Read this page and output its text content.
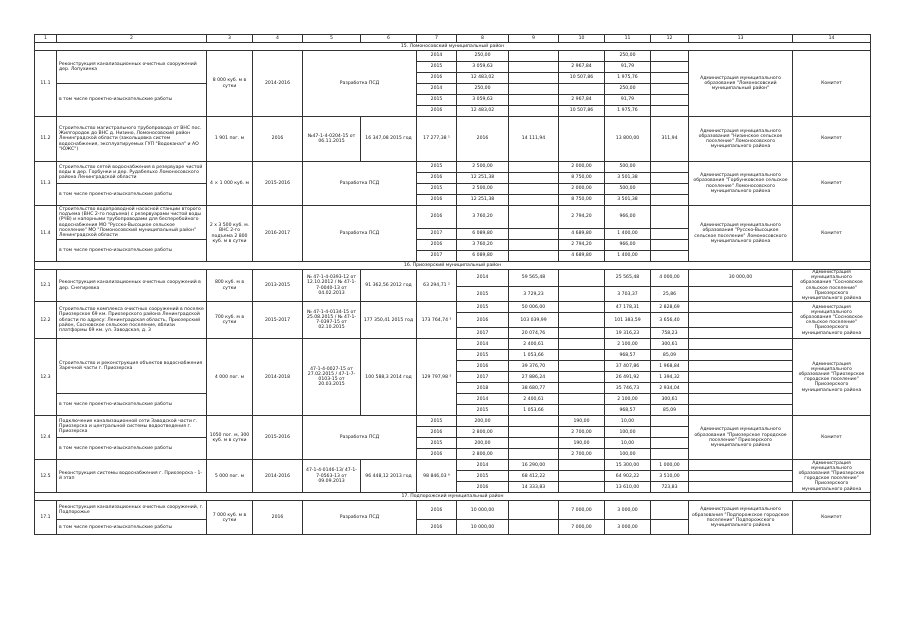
1	2	3	4	5	6	7	8	9	10	11	12	13	14	
15. Ломоносовский муниципальный район														
11.1	Реконструкция канализационных очистных сооружений дер. Лопухинка	8 000 куб. м в сутки	2014-2016	Разработка ПСД		2014	250,00			250,00		Администрация муниципального образования "Ломоносовский муниципальный район"	Комитет	
						2015	3 059,63		2 967,84	91,79				
						2016	12 483,02		10 507,86	1 975,76				
	в том числе проектно-изыскательские работы					2014	250,00			250,00				
						2015	3 059,63		2 967,84	91,79				
						2016	12 483,02		10 507,86	1 975,76				
11.2	Строительство магистрального трубопровода от ВНС пос. Жилгородок до ВНС д. Низино, Ломоносовский район Ленинградской области (закольцовка систем водоснабжения, эксплуатируемых ГУП "Водоканал" и АО "ЮЖС")	1 901 пог. м	2016	№47-1-4-0204-15 от 06.11.2015	16 347,08 2015 год	17 277,38 ¹	2016	14 111,94		13 800,00	311,94	Администрация муниципального образования "Низинское сельское поселение" Ломоносовского муниципального района	Комитет	
11.3	Строительство сетей водоснабжения в резервуаре чистой воды в дер. Горбунки и дер. Рудабельхо Ломоносовского района Ленинградской области	4 × 1 000 куб. м	2015-2016	Разработка ПСД		2015	2 500,00		2 000,00	500,00		Администрация муниципального образования "Горбунковское сельское поселение" Ломоносовского муниципального района	Комитет	
						2016	12 251,38		8 750,00	3 501,38				
	в том числе проектно-изыскательские работы					2015	2 500,00		2 000,00	500,00				
						2016	12 251,38		8 750,00	3 501,38				
11.4	Строительство водопроводной насосной станции второго подъема (ВНС 2-го подъема) с резервуарами чистой воды (РЧВ) и напорными трубопроводами для бесперебойного водоснабжения МО "Русско-Высоцкое сельское поселение" МО "Ломоносовский муниципальный район" Ленинградской области	2 х 3 500 куб. м. ВНС 2-го подъема 2 800 куб. м в сутки	2016-2017	Разработка ПСД		2016	3 760,20		2 794,20	966,00		Администрация муниципального образования "Русско-Высоцкое сельское поселение" Ломоносовского муниципального района	Комитет	
						2017	6 089,80		4 689,80	1 400,00				
	в том числе проектно-изыскательские работы					2016	3 760,20		2 794,20	966,00				
						2017	6 089,80		4 689,80	1 400,00				
16. Приозерский муниципальный район														
12.1	Реконструкция канализационных очистных сооружений в дер. Снегиревка	800 куб. м в сутки	2013-2015	№ 47-1-4-0393-12 от 12.10.2012 / № 47-1-7-0040-13 от 04.02.2013	91 362,56 2012 год	63 294,71 ²	2014	59 565,48		25 565,48	4 000,00	30 000,00	Администрация муниципального образования "Сосновское сельское поселение" Приозерского муниципального района	
							2015	3 729,23		3 703,37	25,86			
12.2	Строительство комплекса очистных сооружений в поселке Приозерское 69 км. Приозерского района Ленинградской области по адресу: Ленинградская область, Приозерский район, Сосновское сельское поселение, вблизи платформы 69 км. ул. Заводская, д. 3	700 куб. м в сутки	2015-2017	№ 47-1-4-0134-15 от 25.08.2015 / № 47-1-7-0397-15 от 02.10.2015	177 350,41 2015 год	173 764,74 ³	2015	50 006,00		47 178,31	2 828,69		Администрация муниципального образования "Сосновское сельское поселение" Приозерского муниципального района	
							2016	103 039,99		101 383,59	3 656,40			
							2017	20 074,76		19 316,23	758,23			
12.3	Строительство и реконструкция объектов водоснабжения Заречной части г. Приозерска	4 000 пог. м	2014-2018	47-1-4-0027-15 от 27.02.2015 / 47-1-7-0103-15 от 20.03.2015	100 588,3 2014 год	129 797,98 ⁵	2014	2 400,61		2 100,00	300,61		Администрация муниципального образования "Приозерское городское поселение" Приозерского муниципального района	
							2015	1 053,66		968,57	85,09			
							2016	39 376,70		37 407,86	1 968,84			
							2017	27 886,24		26 491,92	1 394,32			
							2018	38 680,77		35 746,73	2 934,04			
	в том числе проектно-изыскательские работы						2014	2 400,61		2 100,00	300,61			
							2015	1 053,66		968,57	85,09			
12.4	Подключение канализационной сети Заводской части г. Приозерска и центральной системы водоотведения г. Приозерска	1050 пог. м, 300 куб. м в сутки	2015-2016	Разработка ПСД		2015	200,00		190,00	10,00		Администрация муниципального образования "Приозерское городское поселение" Приозерского муниципального района	Комитет	
						2016	2 800,00		2 700,00	100,00				
	в том числе проектно-изыскательские работы					2015	200,00		190,00	10,00				
						2016	2 800,00		2 700,00	100,00				
12.5	Реконструкция системы водоснабжения г. Приозерска - 1-й этап	5 000 пог. м	2014-2016	47-1-4-0146-13/ 47-1-7-0563-13 от 09.09.2013	96 448,12 2013 год	98 846,03 ⁶	2014	16 290,00		15 300,00	1 000,00		Администрация муниципального образования "Приозерское городское поселение" Приозерского муниципального района	
							2015	68 412,22		64 902,22	3 510,00			
							2016	14 333,83		13 610,00	723,83			
17. Подпорожский муниципальный район														
17.1	Реконструкция канализационных очистных сооружений, г. Подпорожье	7 000 куб. м в сутки	2016	Разработка ПСД		2016	10 000,00		7 000,00	3 000,00		Администрация муниципального образования "Подпорожское городское поселение" Подпорожского муниципального района	Комитет	
	в том числе проектно-изыскательские работы					2016	10 000,00		7 000,00	3 000,00				
